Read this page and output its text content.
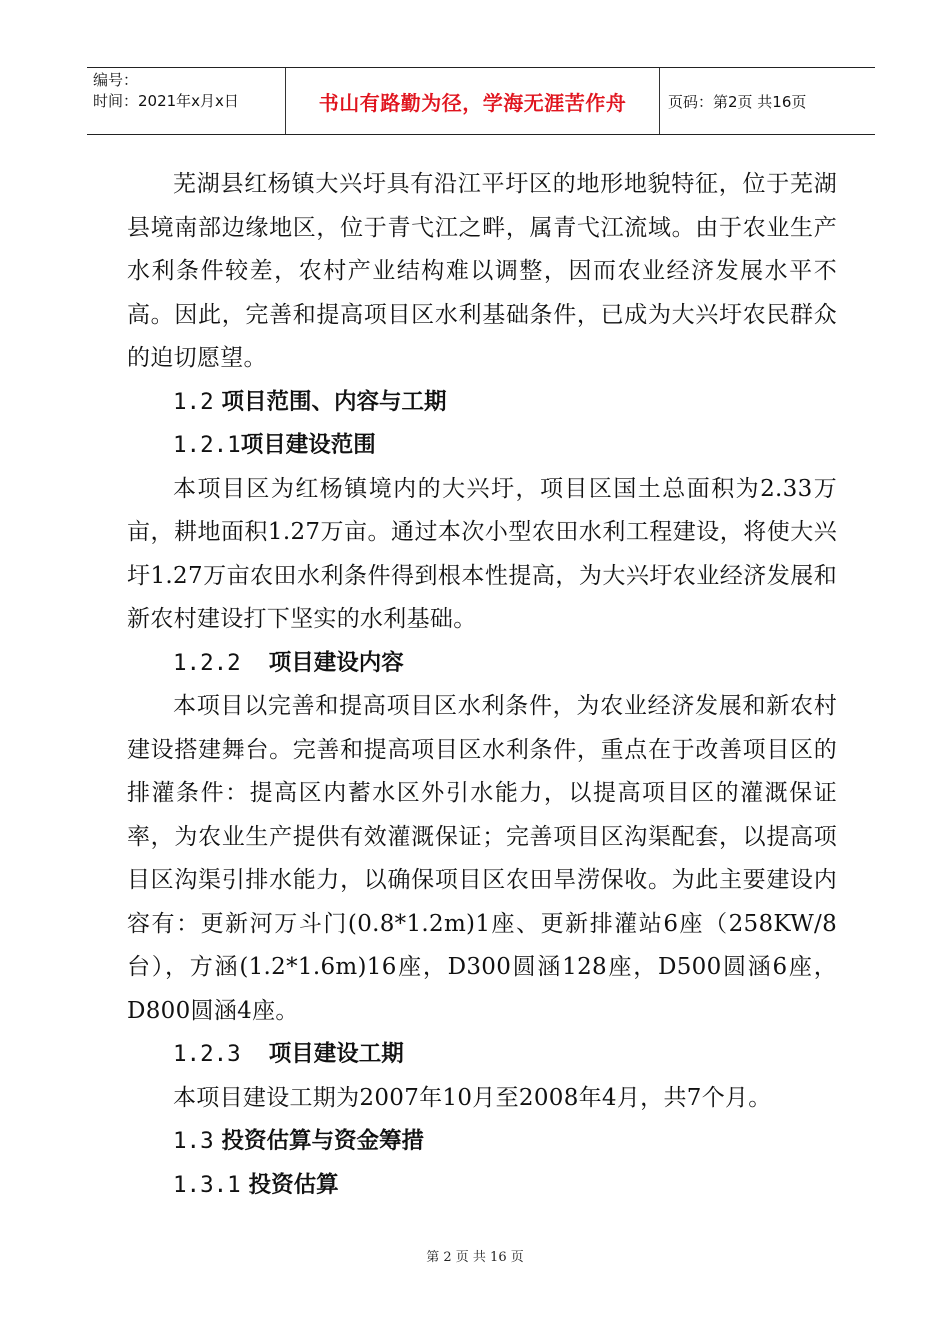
编号：
时间：2021年x月x日	书山有路勤为径，学海无涯苦作舟	页码：第2页 共16页

芜湖县红杨镇大兴圩具有沿江平圩区的地形地貌特征，位于芜湖县境南部边缘地区，位于青弋江之畔，属青弋江流域。由于农业生产水利条件较差，农村产业结构难以调整，因而农业经济发展水平不高。因此，完善和提高项目区水利基础条件，已成为大兴圩农民群众的迫切愿望。

1.2 项目范围、内容与工期

1.2.1项目建设范围

本项目区为红杨镇境内的大兴圩，项目区国土总面积为2.33万亩，耕地面积1.27万亩。通过本次小型农田水利工程建设，将使大兴圩1.27万亩农田水利条件得到根本性提高，为大兴圩农业经济发展和新农村建设打下坚实的水利基础。

1.2.2 项目建设内容

本项目以完善和提高项目区水利条件，为农业经济发展和新农村建设搭建舞台。完善和提高项目区水利条件，重点在于改善项目区的排灌条件：提高区内蓄水区外引水能力，以提高项目区的灌溉保证率，为农业生产提供有效灌溉保证；完善项目区沟渠配套，以提高项目区沟渠引排水能力，以确保项目区农田旱涝保收。为此主要建设内容有：更新河万斗门(0.8*1.2m)1座、更新排灌站6座（258KW/8台），方涵(1.2*1.6m)16座，D300圆涵128座，D500圆涵6座，D800圆涵4座。

1.2.3 项目建设工期

本项目建设工期为2007年10月至2008年4月，共7个月。

1.3 投资估算与资金筹措

1.3.1 投资估算

第 2 页 共 16 页
